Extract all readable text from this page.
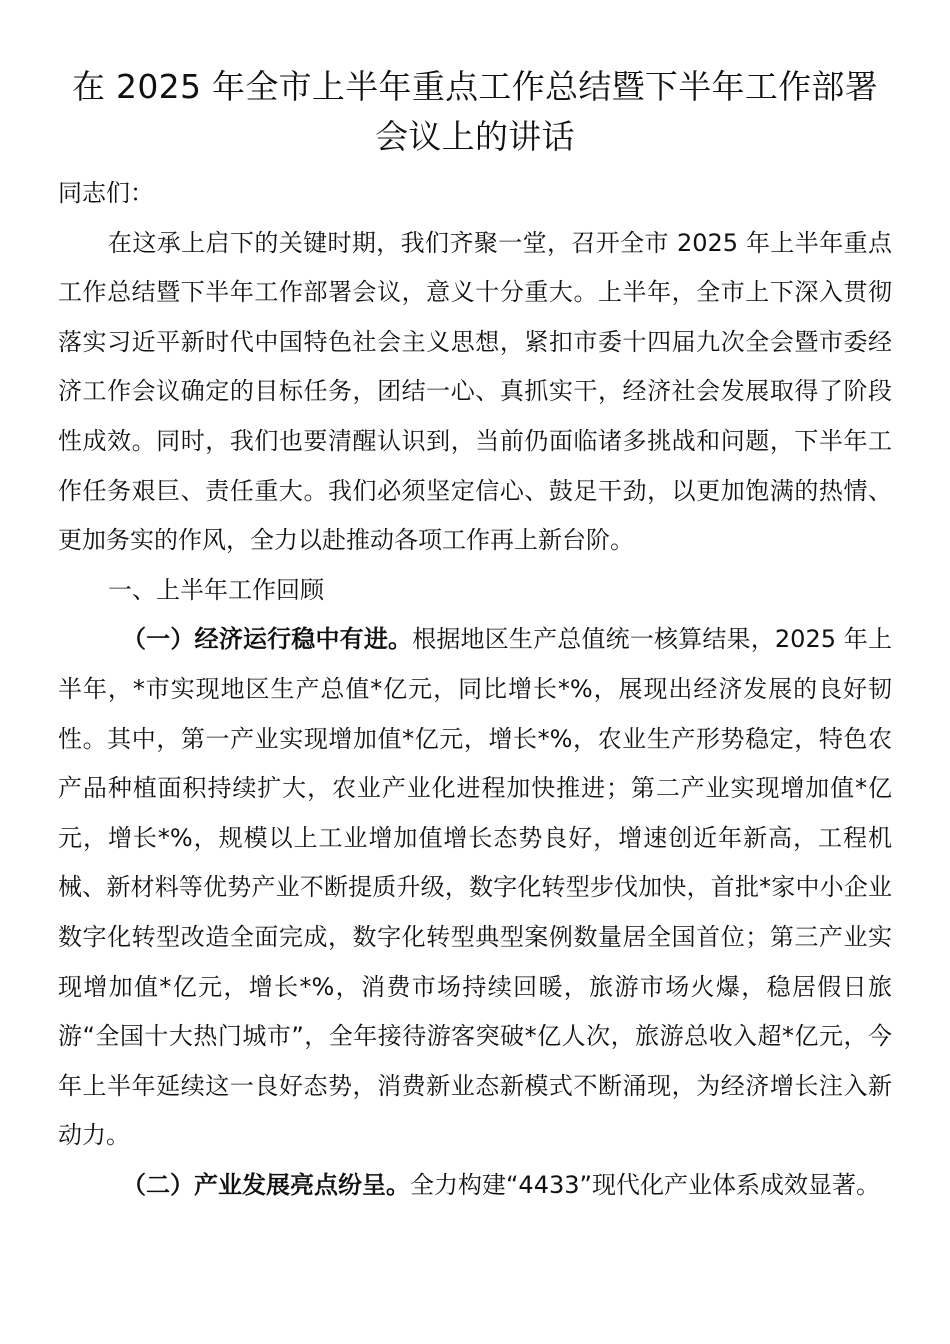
在 2025 年全市上半年重点工作总结暨下半年工作部署会议上的讲话

同志们：

在这承上启下的关键时期，我们齐聚一堂，召开全市 2025 年上半年重点工作总结暨下半年工作部署会议，意义十分重大。上半年，全市上下深入贯彻落实习近平新时代中国特色社会主义思想，紧扣市委十四届九次全会暨市委经济工作会议确定的目标任务，团结一心、真抓实干，经济社会发展取得了阶段性成效。同时，我们也要清醒认识到，当前仍面临诸多挑战和问题，下半年工作任务艰巨、责任重大。我们必须坚定信心、鼓足干劲，以更加饱满的热情、更加务实的作风，全力以赴推动各项工作再上新台阶。

一、上半年工作回顾

（一）经济运行稳中有进。根据地区生产总值统一核算结果，2025 年上半年，*市实现地区生产总值*亿元，同比增长*%，展现出经济发展的良好韧性。其中，第一产业实现增加值*亿元，增长*%，农业生产形势稳定，特色农产品种植面积持续扩大，农业产业化进程加快推进；第二产业实现增加值*亿元，增长*%，规模以上工业增加值增长态势良好，增速创近年新高，工程机械、新材料等优势产业不断提质升级，数字化转型步伐加快，首批*家中小企业数字化转型改造全面完成，数字化转型典型案例数量居全国首位；第三产业实现增加值*亿元，增长*%，消费市场持续回暖，旅游市场火爆，稳居假日旅游“全国十大热门城市”，全年接待游客突破*亿人次，旅游总收入超*亿元，今年上半年延续这一良好态势，消费新业态新模式不断涌现，为经济增长注入新动力。

（二）产业发展亮点纷呈。全力构建“4433”现代化产业体系成效显著。
